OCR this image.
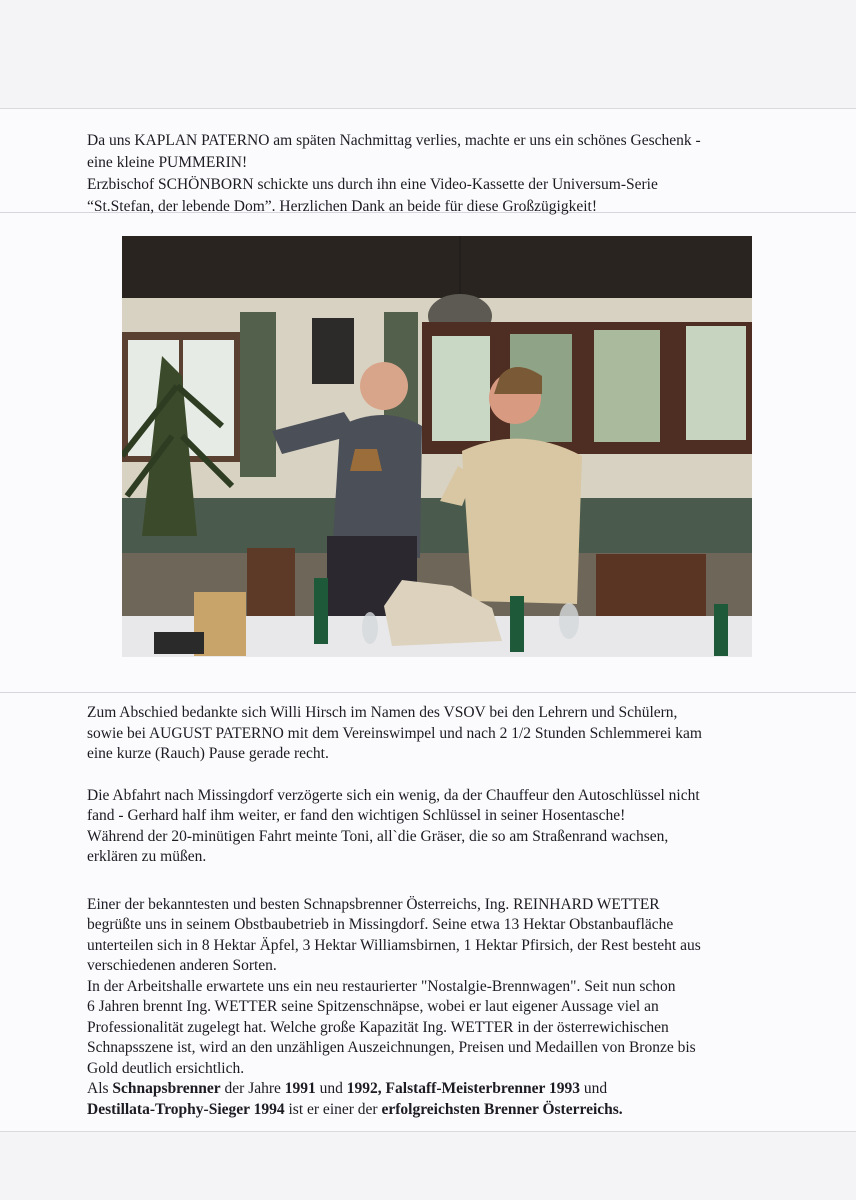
Da uns KAPLAN PATERNO am späten Nachmittag verlies, machte er uns ein schönes Geschenk -

eine kleine PUMMERIN!

Erzbischof SCHÖNBORN schickte uns durch ihn eine Video-Kassette der Universum-Serie

“St.Stefan, der lebende Dom”. Herzlichen Dank an beide für diese Großzügigkeit!

Zum Abschied bedankte sich Willi Hirsch im Namen des VSOV bei den Lehrern und Schülern,

sowie bei AUGUST PATERNO mit dem Vereinswimpel und nach 2 1/2 Stunden Schlemmerei kam

eine kurze (Rauch) Pause gerade recht.

Die Abfahrt nach Missingdorf verzögerte sich ein wenig, da der Chauffeur den Autoschlüssel nicht

fand - Gerhard half ihm weiter, er fand den wichtigen Schlüssel in seiner Hosentasche!

Während der 20-minütigen Fahrt meinte Toni, all`die Gräser, die so am Straßenrand wachsen,

erklären zu müßen.

Einer der bekanntesten und besten Schnapsbrenner Österreichs, Ing. REINHARD WETTER

begrüßte uns in seinem Obstbaubetrieb in Missingdorf. Seine etwa 13 Hektar Obstanbaufläche

unterteilen sich in 8 Hektar Äpfel, 3 Hektar Williamsbirnen, 1 Hektar Pfirsich, der Rest besteht aus

verschiedenen anderen Sorten.

In der Arbeitshalle erwartete uns ein neu restaurierter "Nostalgie-Brennwagen". Seit nun schon

6 Jahren brennt Ing. WETTER seine Spitzenschnäpse, wobei er laut eigener Aussage viel an

Professionalität zugelegt hat. Welche große Kapazität Ing. WETTER in der österrewichischen

Schnapsszene ist, wird an den unzähligen Auszeichnungen, Preisen und Medaillen von Bronze bis

Gold deutlich ersichtlich.

Als Schnapsbrenner der Jahre 1991 und 1992, Falstaff-Meisterbrenner 1993 und

Destillata-Trophy-Sieger 1994 ist er einer der erfolgreichsten Brenner Österreichs.
